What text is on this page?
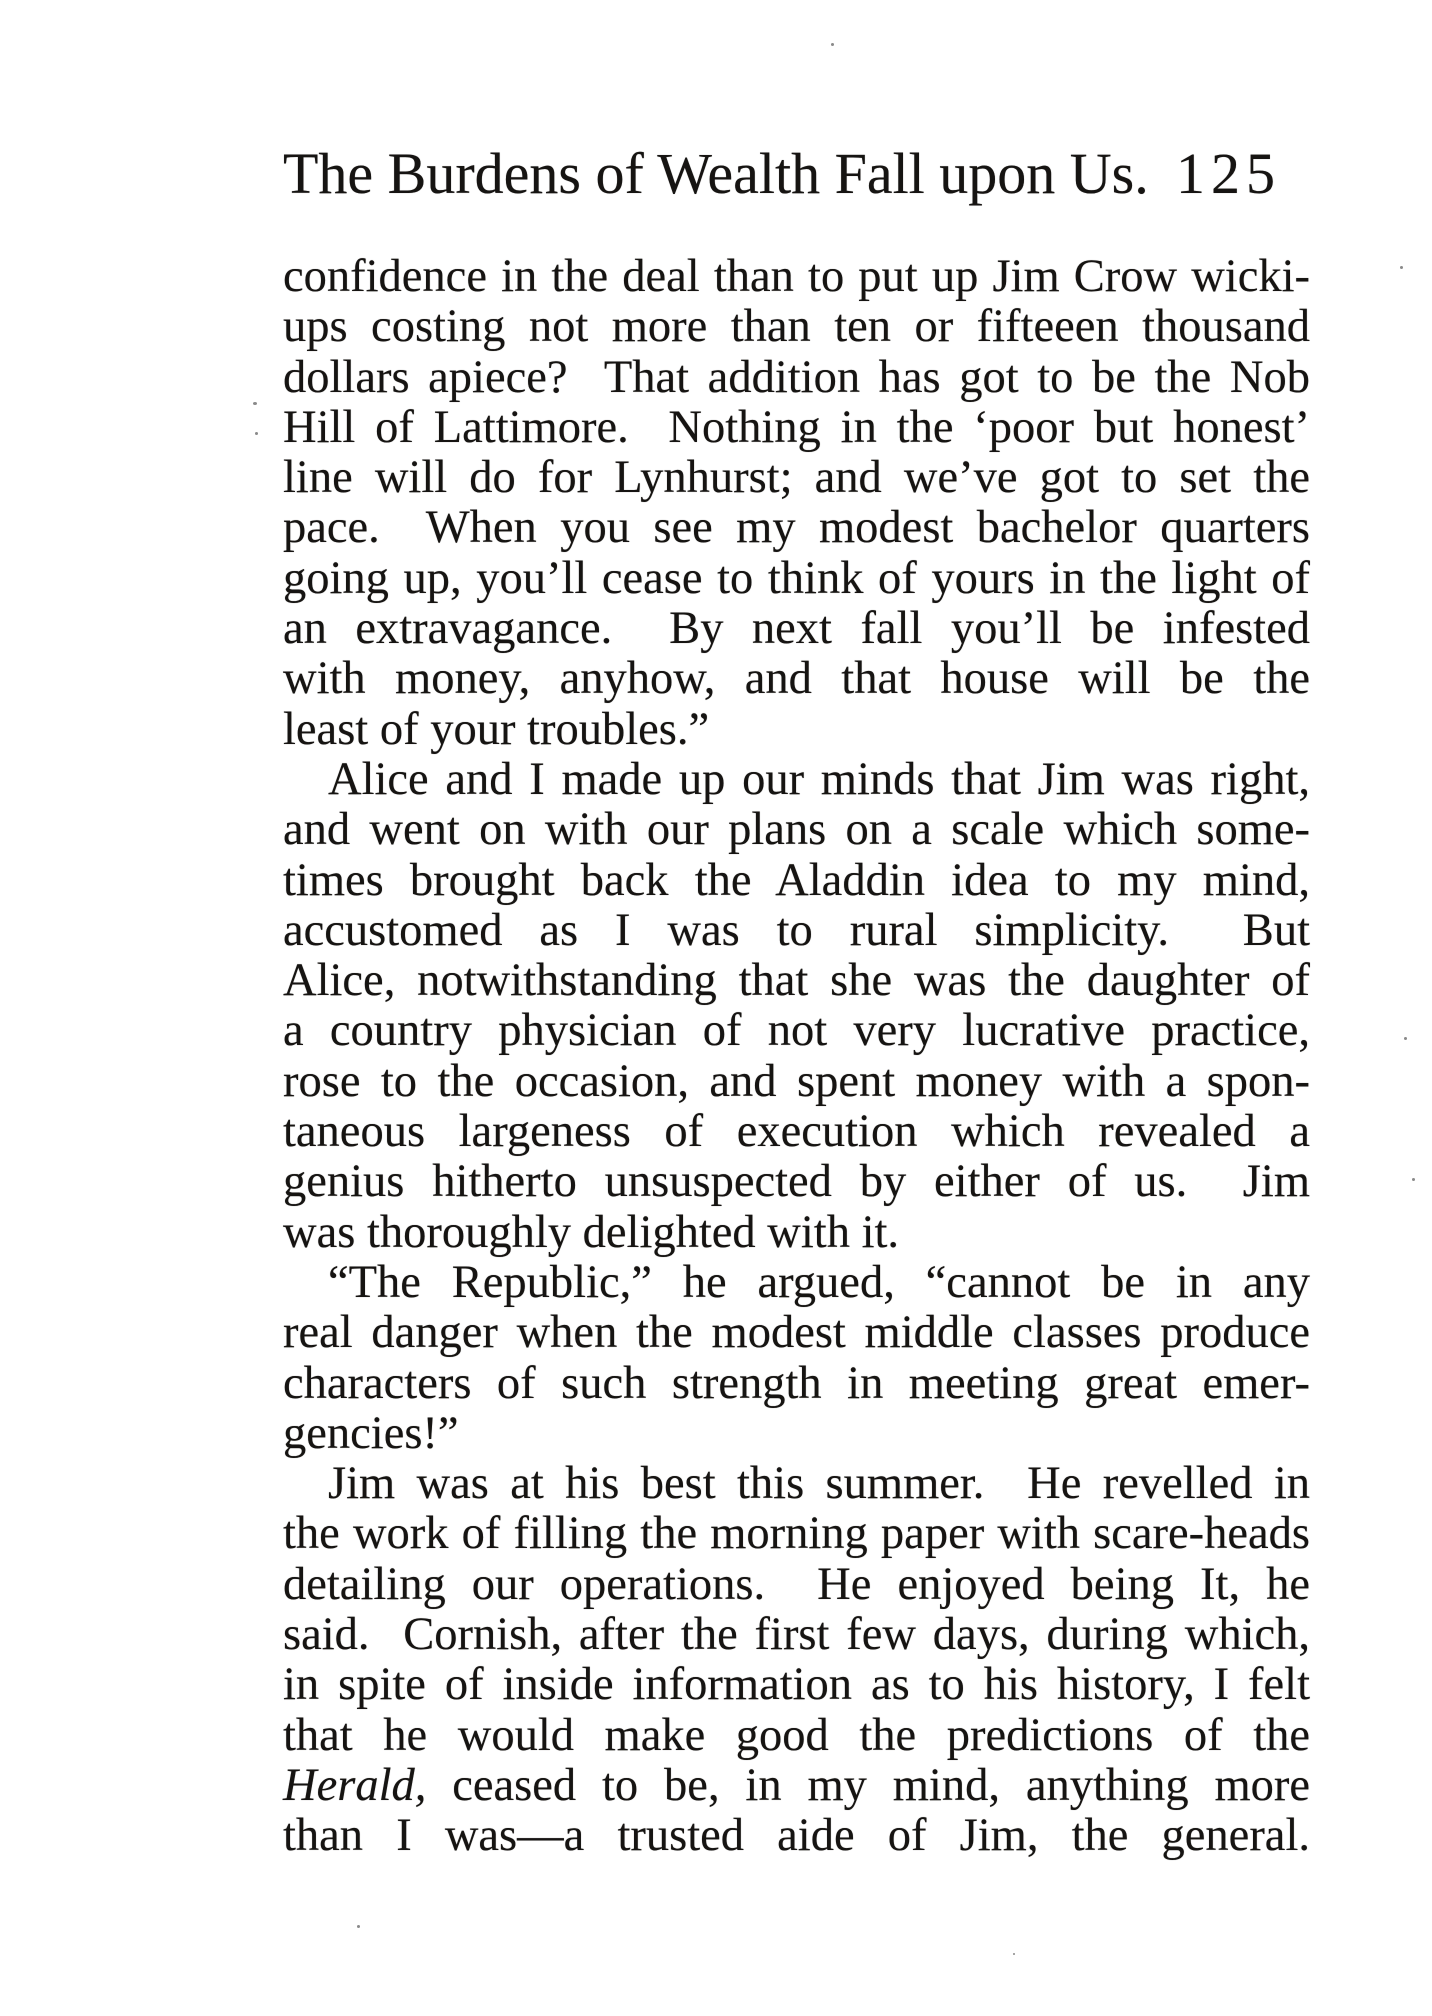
The Burdens of Wealth Fall upon Us. 125
confidence in the deal than to put up Jim Crow wicki-
ups costing not more than ten or fifteeen thousand
dollars apiece?  That addition has got to be the Nob
Hill of Lattimore.  Nothing in the ‘poor but honest’
line will do for Lynhurst; and we’ve got to set the
pace.  When you see my modest bachelor quarters
going up, you’ll cease to think of yours in the light of
an extravagance.  By next fall you’ll be infested
with money, anyhow, and that house will be the
least of your troubles.”
Alice and I made up our minds that Jim was right,
and went on with our plans on a scale which some-
times brought back the Aladdin idea to my mind,
accustomed as I was to rural simplicity.  But
Alice, notwithstanding that she was the daughter of
a country physician of not very lucrative practice,
rose to the occasion, and spent money with a spon-
taneous largeness of execution which revealed a
genius hitherto unsuspected by either of us.  Jim
was thoroughly delighted with it.
“The Republic,” he argued, “cannot be in any
real danger when the modest middle classes produce
characters of such strength in meeting great emer-
gencies!”
Jim was at his best this summer.  He revelled in
the work of filling the morning paper with scare-heads
detailing our operations.  He enjoyed being It, he
said.  Cornish, after the first few days, during which,
in spite of inside information as to his history, I felt
that he would make good the predictions of the
Herald, ceased to be, in my mind, anything more
than I was—a trusted aide of Jim, the general.
